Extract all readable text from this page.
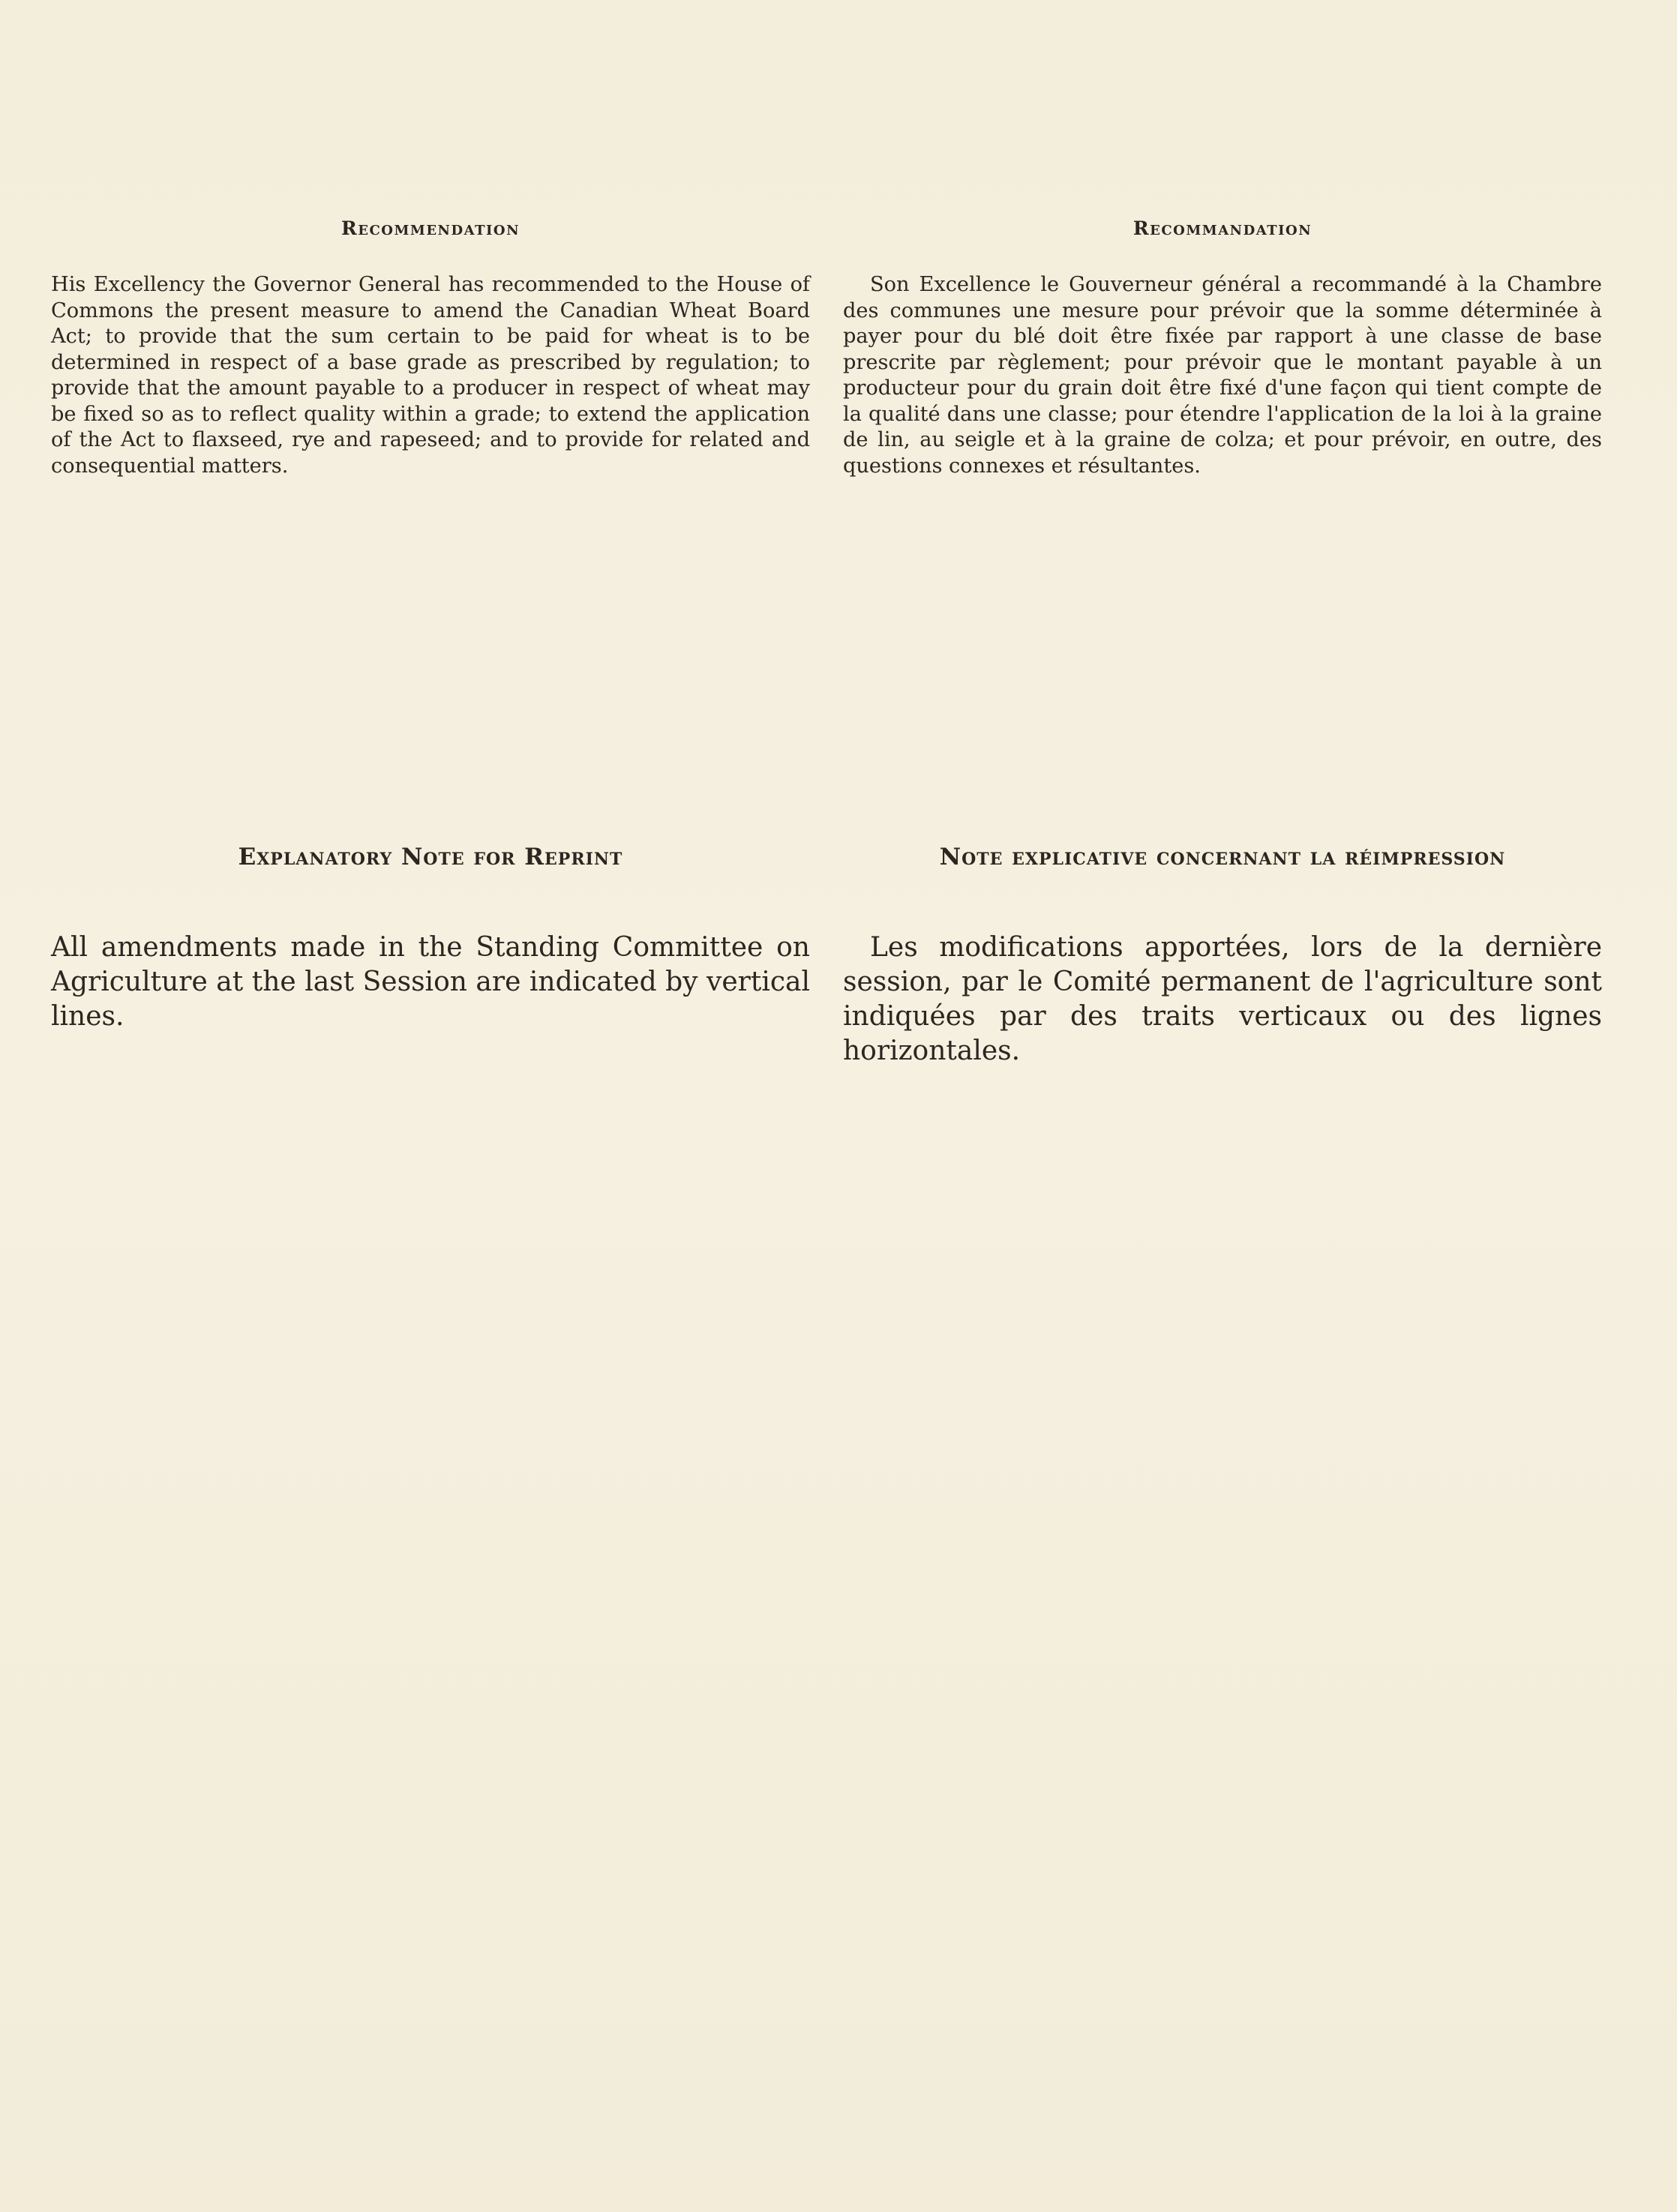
Recommendation

His Excellency the Governor General has recommended to the House of Commons the present measure to amend the Canadian Wheat Board Act; to provide that the sum certain to be paid for wheat is to be determined in respect of a base grade as prescribed by regulation; to provide that the amount payable to a producer in respect of wheat may be fixed so as to reflect quality within a grade; to extend the application of the Act to flaxseed, rye and rapeseed; and to provide for related and consequential matters.

Recommandation

Son Excellence le Gouverneur général a recommandé à la Chambre des communes une mesure pour prévoir que la somme déterminée à payer pour du blé doit être fixée par rapport à une classe de base prescrite par règlement; pour prévoir que le montant payable à un producteur pour du grain doit être fixé d'une façon qui tient compte de la qualité dans une classe; pour étendre l'application de la loi à la graine de lin, au seigle et à la graine de colza; et pour prévoir, en outre, des questions connexes et résultantes.

Explanatory Note for Reprint

All amendments made in the Standing Committee on Agriculture at the last Session are indicated by vertical lines.

Note explicative concernant la réimpression

Les modifications apportées, lors de la dernière session, par le Comité permanent de l'agriculture sont indiquées par des traits verticaux ou des lignes horizontales.
